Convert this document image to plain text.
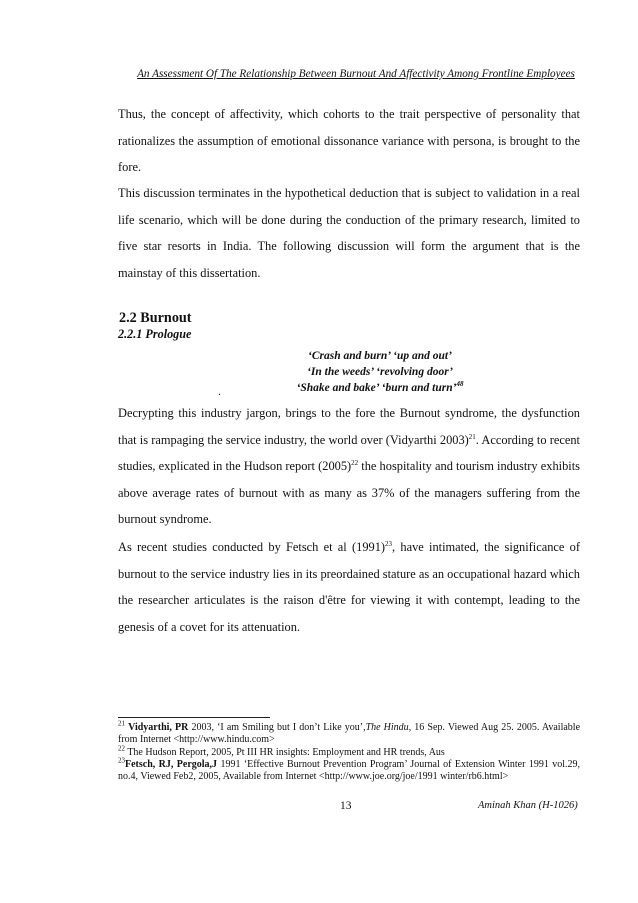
An Assessment Of The Relationship Between Burnout And Affectivity Among Frontline Employees
Thus, the concept of affectivity, which cohorts to the trait perspective of personality that rationalizes the assumption of emotional dissonance variance with persona, is brought to the fore.
This discussion terminates in the hypothetical deduction that is subject to validation in a real life scenario, which will be done during the conduction of the primary research, limited to five star resorts in India. The following discussion will form the argument that is the mainstay of this dissertation.
2.2 Burnout
2.2.1 Prologue
‘Crash and burn’ ‘up and out’
‘In the weeds’ ‘revolving door’
‘Shake and bake’ ‘burn and turn’$^{48}$
.
Decrypting this industry jargon, brings to the fore the Burnout syndrome, the dysfunction that is rampaging the service industry, the world over (Vidyarthi 2003)$^{21}$. According to recent studies, explicated in the Hudson report $(2005)^{22}$ the hospitality and tourism industry exhibits above average rates of burnout with as many as 37% of the managers suffering from the burnout syndrome.
As recent studies conducted by Fetsch et al $(1991)^{23}$, have intimated, the significance of burnout to the service industry lies in its preordained stature as an occupational hazard which the researcher articulates is the raison d'être for viewing it with contempt, leading to the genesis of a covet for its attenuation.

$^{21}$ Vidyarthi, PR 2003, ‘I am Smiling but I don’t Like you’,The Hindu, 16 Sep. Viewed Aug 25. 2005. Available from Internet <http://www.hindu.com>

$^{22}$ The Hudson Report, 2005, Pt III HR insights: Employment and HR trends, Aus

$^{23}$Fetsch, RJ, Pergola,J 1991 ‘Effective Burnout Prevention Program’ Journal of Extension Winter 1991 vol.29, no.4, Viewed Feb2, 2005, Available from Internet <http://www.joe.org/joe/1991 winter/rb6.html>

13	Aminah Khan (H-1026)
